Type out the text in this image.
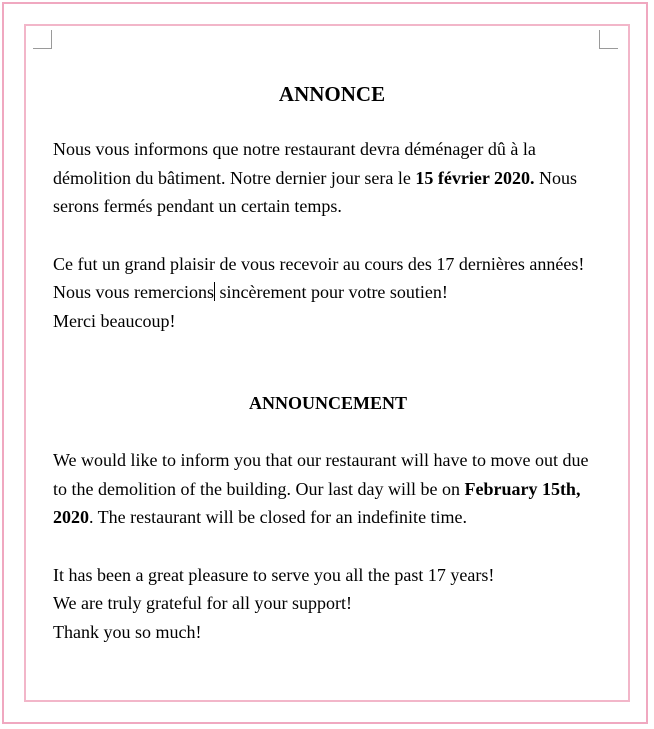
ANNONCE

Nous vous informons que notre restaurant devra déménager dû à la démolition du bâtiment. Notre dernier jour sera le 15 février 2020. Nous serons fermés pendant un certain temps.

Ce fut un grand plaisir de vous recevoir au cours des 17 dernières années! Nous vous remercions sincèrement pour votre soutien!
Merci beaucoup!

ANNOUNCEMENT

We would like to inform you that our restaurant will have to move out due to the demolition of the building. Our last day will be on February 15th, 2020. The restaurant will be closed for an indefinite time.

It has been a great pleasure to serve you all the past 17 years!
We are truly grateful for all your support!
Thank you so much!
